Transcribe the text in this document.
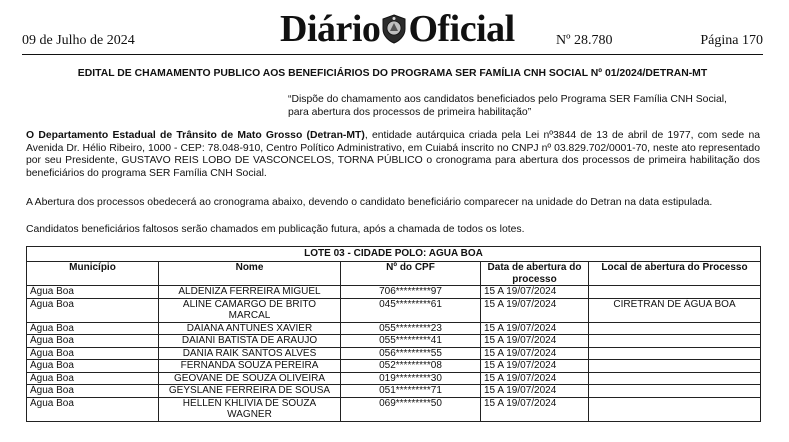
09 de Julho de 2024	Diário Oficial	Nº 28.780	Página 170
EDITAL DE CHAMAMENTO PUBLICO AOS BENEFICIÁRIOS DO PROGRAMA SER FAMÍLIA CNH SOCIAL Nº 01/2024/DETRAN-MT
“Dispõe do chamamento aos candidatos beneficiados pelo Programa SER Família CNH Social, para abertura dos processos de primeira habilitação”
O Departamento Estadual de Trânsito de Mato Grosso (Detran-MT), entidade autárquica criada pela Lei nº3844 de 13 de abril de 1977, com sede na Avenida Dr. Hélio Ribeiro, 1000 - CEP: 78.048-910, Centro Político Administrativo, em Cuiabá inscrito no CNPJ nº 03.829.702/0001-70, neste ato representado por seu Presidente, GUSTAVO REIS LOBO DE VASCONCELOS, TORNA PÚBLICO o cronograma para abertura dos processos de primeira habilitação dos beneficiários do programa SER Família CNH Social.
A Abertura dos processos obedecerá ao cronograma abaixo, devendo o candidato beneficiário comparecer na unidade do Detran na data estipulada.
Candidatos beneficiários faltosos serão chamados em publicação futura, após a chamada de todos os lotes.
LOTE 03 - CIDADE POLO: AGUA BOA				
Município	Nome	Nº do CPF	Data de abertura do processo	Local de abertura do Processo
Água Boa	ALDENIZA FERREIRA MIGUEL	706*********97	15 A 19/07/2024	
Água Boa	ALINE CAMARGO DE BRITO MARCAL	045*********61	15 A 19/07/2024	CIRETRAN DE ÁGUA BOA
Água Boa	DAIANA ANTUNES XAVIER	055*********23	15 A 19/07/2024	
Água Boa	DAIANI BATISTA DE ARAUJO	055*********41	15 A 19/07/2024	
Água Boa	DANIA RAIK SANTOS ALVES	056*********55	15 A 19/07/2024	
Água Boa	FERNANDA SOUZA PEREIRA	052*********08	15 A 19/07/2024	
Água Boa	GEOVANE DE SOUZA OLIVEIRA	019*********30	15 A 19/07/2024	
Água Boa	GEYSLANE FERREIRA DE SOUSA	051*********71	15 A 19/07/2024	
Água Boa	HELLEN KHLIVIA DE SOUZA WAGNER	069*********50	15 A 19/07/2024	
